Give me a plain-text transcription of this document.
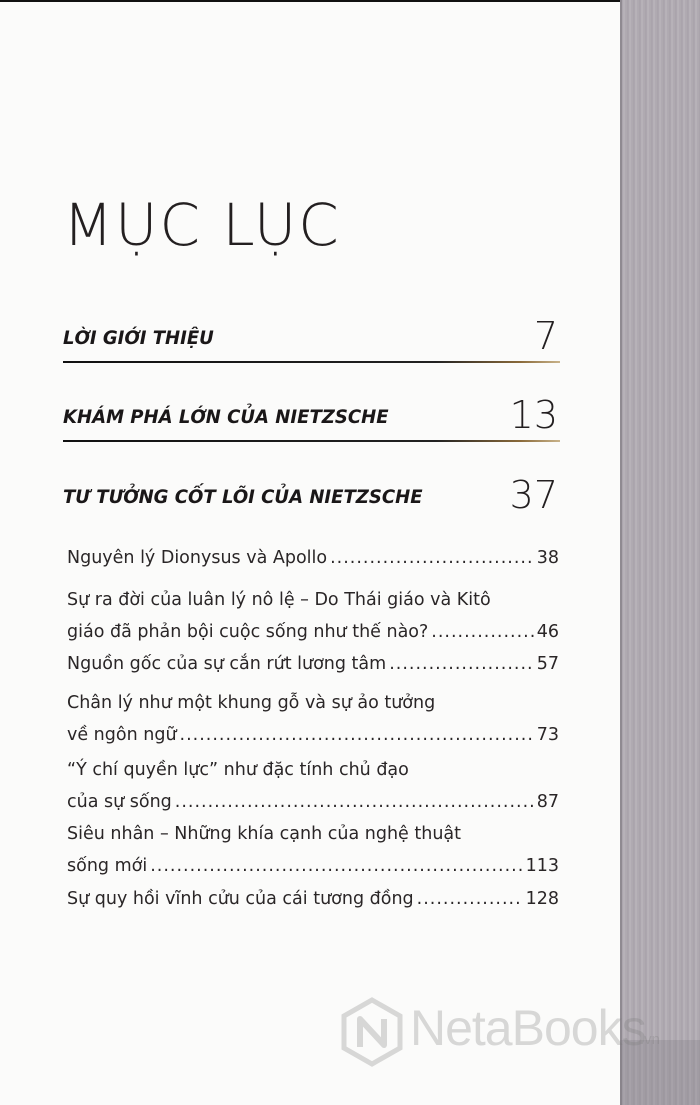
MỤC LỤC
LỜI GIỚI THIỆU	7
KHÁM PHÁ LỚN CỦA NIETZSCHE	13
TƯ TƯỞNG CỐT LÕI CỦA NIETZSCHE 37
Nguyên lý Dionysus và Apollo .....	38
Sự ra đời của luân lý nô lệ – Do Thái giáo và Kitô
giáo đã phản bội cuộc sống như thế nào? .....	46
Nguồn gốc của sự cắn rứt lương tâm .....	57
Chân lý như một khung gỗ và sự ảo tưởng
về ngôn ngữ .....	73
“Ý chí quyền lực” như đặc tính chủ đạo
của sự sống .....	87
Siêu nhân – Những khía cạnh của nghệ thuật
sống mới .....	113
Sự quy hồi vĩnh cửu của cái tương đồng .....	128
NetaBooks
.vn
